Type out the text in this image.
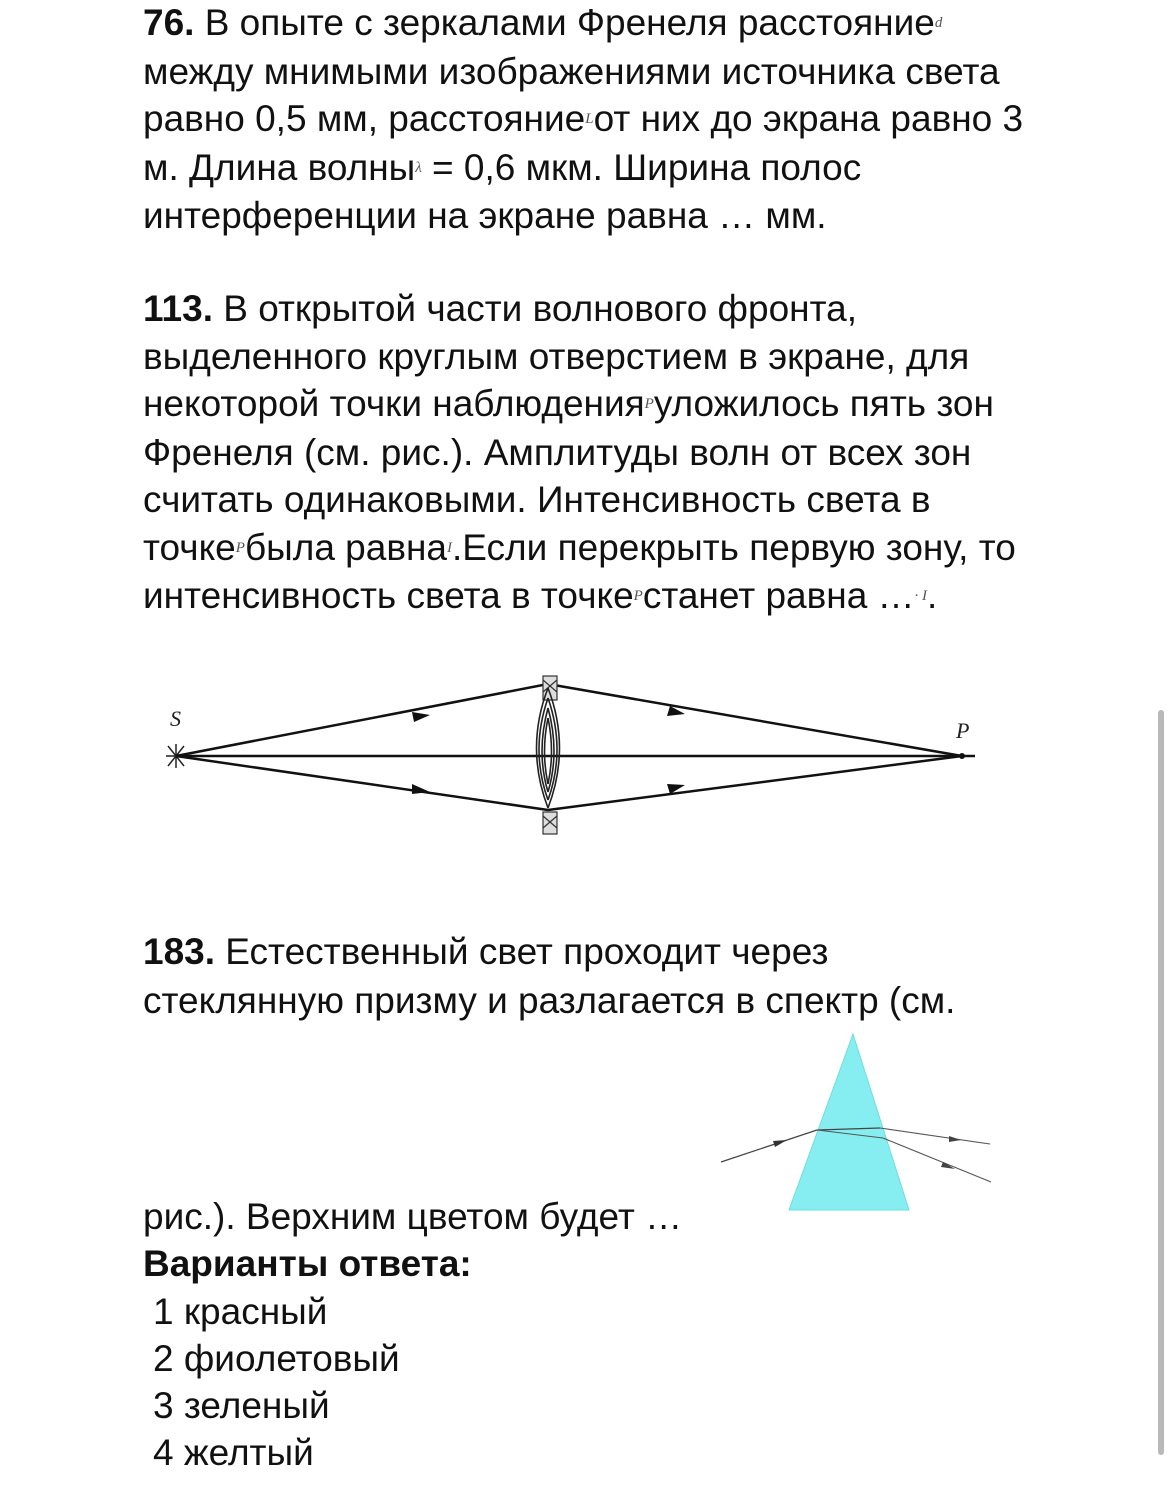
76. В опыте с зеркалами Френеля расстояние$^d$ между мнимыми изображениями источника света равно 0,5 мм, расстояние$^L$от них до экрана равно 3 м. Длина волны$^\lambda$ = 0,6 мкм. Ширина полос интерференции на экране равна … мм.

113. В открытой части волнового фронта, выделенного круглым отверстием в экране, для некоторой точки наблюдения$^P$уложилось пять зон Френеля (см. рис.). Амплитуды волн от всех зон считать одинаковыми. Интенсивность света в точке$^P$была равна$^I$.Если перекрыть первую зону, то интенсивность света в точке$^P$станет равна …$^{\cdot I}$.

S	P
183. Естественный свет проходит через
стеклянную призму и разлагается в спектр (см.
рис.). Верхним цветом будет …
Варианты ответа:
1 красный
2 фиолетовый
3 зеленый
4 желтый
